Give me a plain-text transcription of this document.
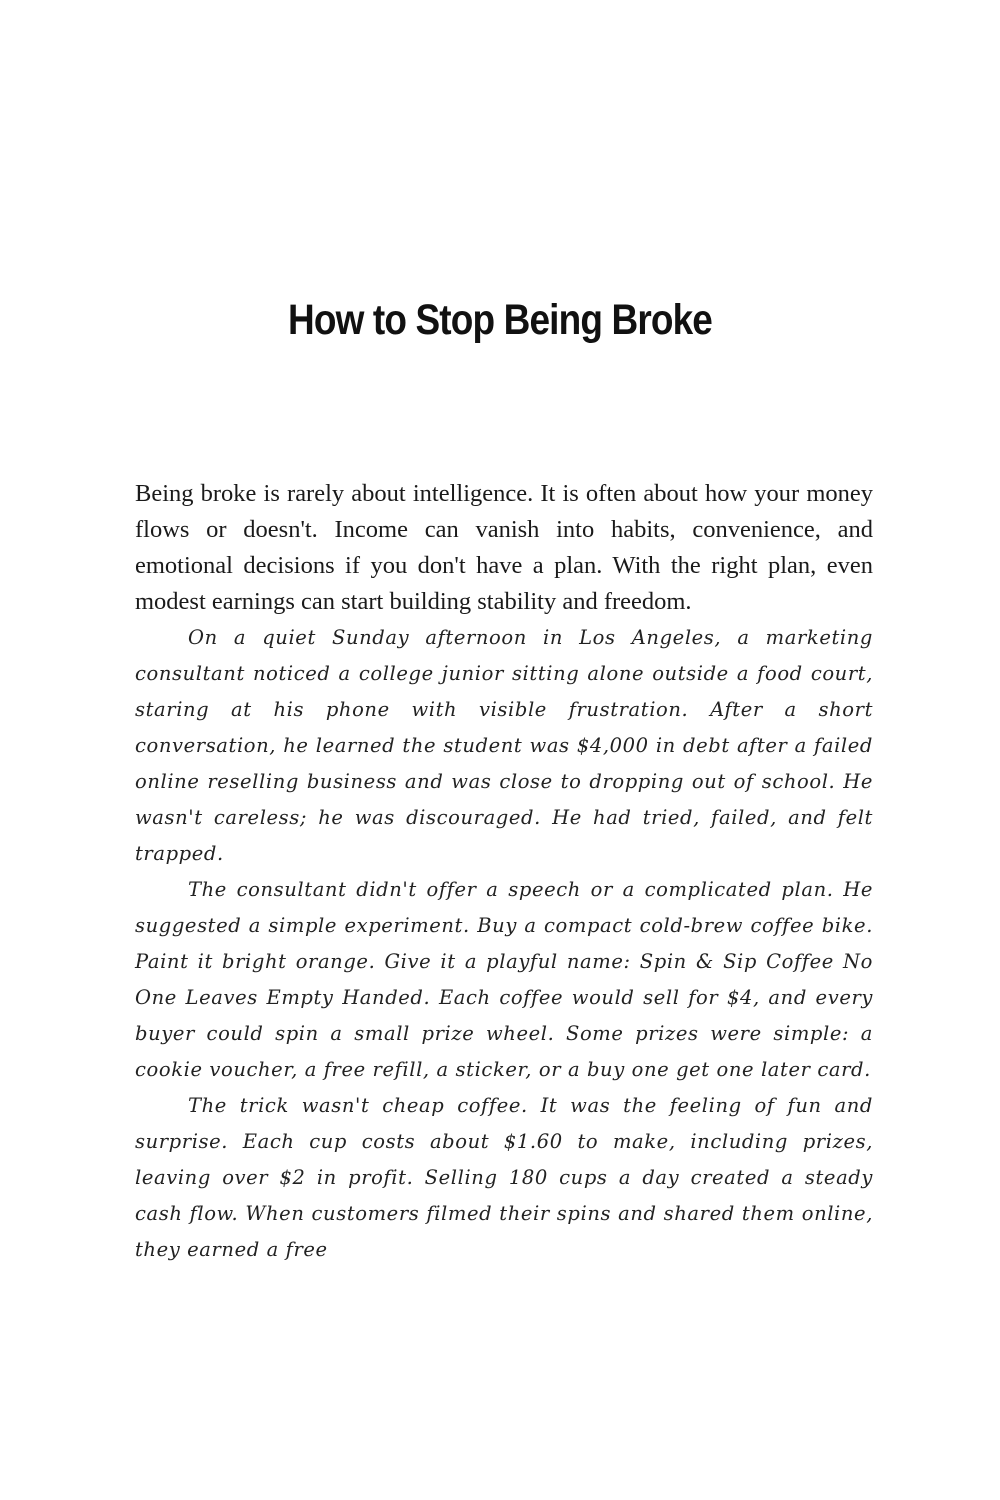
How to Stop Being Broke

Being broke is rarely about intelligence. It is often about how your money flows or doesn't. Income can vanish into habits, convenience, and emotional decisions if you don't have a plan. With the right plan, even modest earnings can start building stability and freedom.

On a quiet Sunday afternoon in Los Angeles, a marketing consultant noticed a college junior sitting alone outside a food court, staring at his phone with visible frustration. After a short conversation, he learned the student was $4,000 in debt after a failed online reselling business and was close to dropping out of school. He wasn't careless; he was discouraged. He had tried, failed, and felt trapped.

The consultant didn't offer a speech or a complicated plan. He suggested a simple experiment. Buy a compact cold-brew coffee bike. Paint it bright orange. Give it a playful name: Spin & Sip Coffee No One Leaves Empty Handed. Each coffee would sell for $4, and every buyer could spin a small prize wheel. Some prizes were simple: a cookie voucher, a free refill, a sticker, or a buy one get one later card.

The trick wasn't cheap coffee. It was the feeling of fun and surprise. Each cup costs about $1.60 to make, including prizes, leaving over $2 in profit. Selling 180 cups a day created a steady cash flow. When customers filmed their spins and shared them online, they earned a free
